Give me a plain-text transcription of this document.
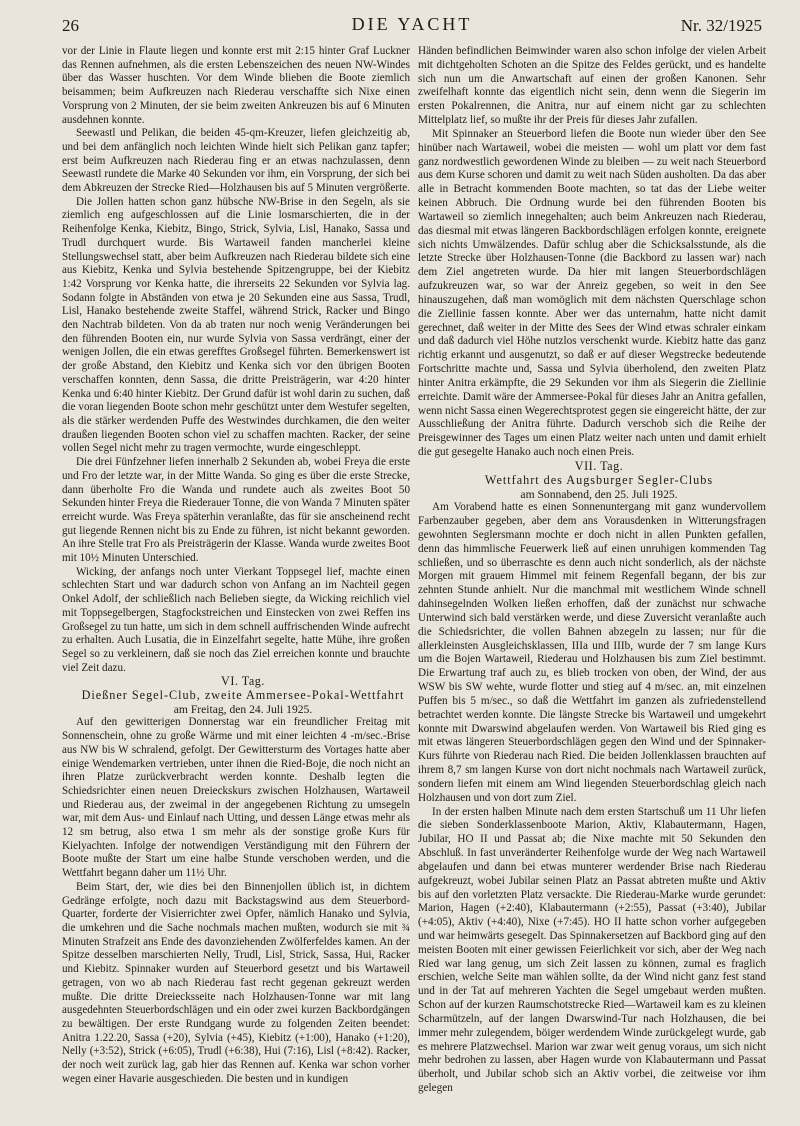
26	DIE YACHT	Nr. 32/1925

vor der Linie in Flaute liegen und konnte erst mit 2:15 hinter Graf Luckner das Rennen aufnehmen, als die ersten Lebenszeichen des neuen NW-Windes über das Wasser huschten. Vor dem Winde blieben die Boote ziemlich beisammen; beim Aufkreuzen nach Riederau verschaffte sich Nixe einen Vorsprung von 2 Minuten, der sie beim zweiten Ankreuzen bis auf 6 Minuten ausdehnen konnte.

Seewastl und Pelikan, die beiden 45-qm-Kreuzer, liefen gleichzeitig ab, und bei dem anfänglich noch leichten Winde hielt sich Pelikan ganz tapfer; erst beim Aufkreuzen nach Riederau fing er an etwas nachzulassen, denn Seewastl rundete die Marke 40 Sekunden vor ihm, ein Vorsprung, der sich bei dem Abkreuzen der Strecke Ried—Holzhausen bis auf 5 Minuten vergrößerte.

Die Jollen hatten schon ganz hübsche NW-Brise in den Segeln, als sie ziemlich eng aufgeschlossen auf die Linie losmarschierten, die in der Reihenfolge Kenka, Kiebitz, Bingo, Strick, Sylvia, Lisl, Hanako, Sassa und Trudl durchquert wurde. Bis Wartaweil fanden mancherlei kleine Stellungswechsel statt, aber beim Aufkreuzen nach Riederau bildete sich eine aus Kiebitz, Kenka und Sylvia bestehende Spitzengruppe, bei der Kiebitz 1:42 Vorsprung vor Kenka hatte, die ihrerseits 22 Sekunden vor Sylvia lag. Sodann folgte in Abständen von etwa je 20 Sekunden eine aus Sassa, Trudl, Lisl, Hanako bestehende zweite Staffel, während Strick, Racker und Bingo den Nachtrab bildeten. Von da ab traten nur noch wenig Veränderungen bei den führenden Booten ein, nur wurde Sylvia von Sassa verdrängt, einer der wenigen Jollen, die ein etwas gerefftes Großsegel führten. Bemerkenswert ist der große Abstand, den Kiebitz und Kenka sich vor den übrigen Booten verschaffen konnten, denn Sassa, die dritte Preisträgerin, war 4:20 hinter Kenka und 6:40 hinter Kiebitz. Der Grund dafür ist wohl darin zu suchen, daß die voran liegenden Boote schon mehr geschützt unter dem Westufer segelten, als die stärker werdenden Puffe des Westwindes durchkamen, die den weiter draußen liegenden Booten schon viel zu schaffen machten. Racker, der seine vollen Segel nicht mehr zu tragen vermochte, wurde eingeschleppt.

Die drei Fünfzehner liefen innerhalb 2 Sekunden ab, wobei Freya die erste und Fro der letzte war, in der Mitte Wanda. So ging es über die erste Strecke, dann überholte Fro die Wanda und rundete auch als zweites Boot 50 Sekunden hinter Freya die Riederauer Tonne, die von Wanda 7 Minuten später erreicht wurde. Was Freya späterhin veranlaßte, das für sie anscheinend recht gut liegende Rennen nicht bis zu Ende zu führen, ist nicht bekannt geworden. An ihre Stelle trat Fro als Preisträgerin der Klasse. Wanda wurde zweites Boot mit 10½ Minuten Unterschied.

Wicking, der anfangs noch unter Vierkant Toppsegel lief, machte einen schlechten Start und war dadurch schon von Anfang an im Nachteil gegen Onkel Adolf, der schließlich nach Belieben siegte, da Wicking reichlich viel mit Toppsegelbergen, Stagfockstreichen und Einstecken von zwei Reffen ins Großsegel zu tun hatte, um sich in dem schnell auffrischenden Winde aufrecht zu erhalten. Auch Lusatia, die in Einzelfahrt segelte, hatte Mühe, ihre großen Segel so zu verkleinern, daß sie noch das Ziel erreichen konnte und brauchte viel Zeit dazu.

VI. Tag.

Dießner Segel-Club, zweite Ammersee-Pokal-Wettfahrt

am Freitag, den 24. Juli 1925.

Auf den gewitterigen Donnerstag war ein freundlicher Freitag mit Sonnenschein, ohne zu große Wärme und mit einer leichten 4 -m/sec.-Brise aus NW bis W schralend, gefolgt. Der Gewittersturm des Vortages hatte aber einige Wendemarken vertrieben, unter ihnen die Ried-Boje, die noch nicht an ihren Platze zurückverbracht werden konnte. Deshalb legten die Schiedsrichter einen neuen Dreieckskurs zwischen Holzhausen, Wartaweil und Riederau aus, der zweimal in der angegebenen Richtung zu umsegeln war, mit dem Aus- und Einlauf nach Utting, und dessen Länge etwas mehr als 12 sm betrug, also etwa 1 sm mehr als der sonstige große Kurs für Kielyachten. Infolge der notwendigen Verständigung mit den Führern der Boote mußte der Start um eine halbe Stunde verschoben werden, und die Wettfahrt begann daher um 11½ Uhr.

Beim Start, der, wie dies bei den Binnenjollen üblich ist, in dichtem Gedränge erfolgte, noch dazu mit Backstagswind aus dem Steuerbord-Quarter, forderte der Visierrichter zwei Opfer, nämlich Hanako und Sylvia, die umkehren und die Sache nochmals machen mußten, wodurch sie mit ¾ Minuten Strafzeit ans Ende des davonziehenden Zwölferfeldes kamen. An der Spitze desselben marschierten Nelly, Trudl, Lisl, Strick, Sassa, Hui, Racker und Kiebitz. Spinnaker wurden auf Steuerbord gesetzt und bis Wartaweil getragen, von wo ab nach Riederau fast recht gegenan gekreuzt werden mußte. Die dritte Dreiecksseite nach Holzhausen-Tonne war mit lang ausgedehnten Steuerbordschlägen und ein oder zwei kurzen Backbordgängen zu bewältigen. Der erste Rundgang wurde zu folgenden Zeiten beendet: Anitra 1.22.20, Sassa (+20), Sylvia (+45), Kiebitz (+1:00), Hanako (+1:20), Nelly (+3:52), Strick (+6:05), Trudl (+6:38), Hui (7:16), Lisl (+8:42). Racker, der noch weit zurück lag, gab hier das Rennen auf. Kenka war schon vorher wegen einer Havarie ausgeschieden. Die besten und in kundigen

Händen befindlichen Beimwinder waren also schon infolge der vielen Arbeit mit dichtgeholten Schoten an die Spitze des Feldes gerückt, und es handelte sich nun um die Anwartschaft auf einen der großen Kanonen. Sehr zweifelhaft konnte das eigentlich nicht sein, denn wenn die Siegerin im ersten Pokalrennen, die Anitra, nur auf einem nicht gar zu schlechten Mittelplatz lief, so mußte ihr der Preis für dieses Jahr zufallen.

Mit Spinnaker an Steuerbord liefen die Boote nun wieder über den See hinüber nach Wartaweil, wobei die meisten — wohl um platt vor dem fast ganz nordwestlich gewordenen Winde zu bleiben — zu weit nach Steuerbord aus dem Kurse schoren und damit zu weit nach Süden ausholten. Da das aber alle in Betracht kommenden Boote machten, so tat das der Liebe weiter keinen Abbruch. Die Ordnung wurde bei den führenden Booten bis Wartaweil so ziemlich innegehalten; auch beim Ankreuzen nach Riederau, das diesmal mit etwas längeren Backbordschlägen erfolgen konnte, ereignete sich nichts Umwälzendes. Dafür schlug aber die Schicksalsstunde, als die letzte Strecke über Holzhausen-Tonne (die Backbord zu lassen war) nach dem Ziel angetreten wurde. Da hier mit langen Steuerbordschlägen aufzukreuzen war, so war der Anreiz gegeben, so weit in den See hinauszugehen, daß man womöglich mit dem nächsten Querschlage schon die Ziellinie fassen konnte. Aber wer das unternahm, hatte nicht damit gerechnet, daß weiter in der Mitte des Sees der Wind etwas schraler einkam und daß dadurch viel Höhe nutzlos verschenkt wurde. Kiebitz hatte das ganz richtig erkannt und ausgenutzt, so daß er auf dieser Wegstrecke bedeutende Fortschritte machte und, Sassa und Sylvia überholend, den zweiten Platz hinter Anitra erkämpfte, die 29 Sekunden vor ihm als Siegerin die Ziellinie erreichte. Damit wäre der Ammersee-Pokal für dieses Jahr an Anitra gefallen, wenn nicht Sassa einen Wegerechtsprotest gegen sie eingereicht hätte, der zur Ausschließung der Anitra führte. Dadurch verschob sich die Reihe der Preisgewinner des Tages um einen Platz weiter nach unten und damit erhielt die gut gesegelte Hanako auch noch einen Preis.

VII. Tag.

Wettfahrt des Augsburger Segler-Clubs

am Sonnabend, den 25. Juli 1925.

Am Vorabend hatte es einen Sonnenuntergang mit ganz wundervollem Farbenzauber gegeben, aber dem ans Vorausdenken in Witterungsfragen gewohnten Seglersmann mochte er doch nicht in allen Punkten gefallen, denn das himmlische Feuerwerk ließ auf einen unruhigen kommenden Tag schließen, und so überraschte es denn auch nicht sonderlich, als der nächste Morgen mit grauem Himmel mit feinem Regenfall begann, der bis zur zehnten Stunde anhielt. Nur die manchmal mit westlichem Winde schnell dahinsegelnden Wolken ließen erhoffen, daß der zunächst nur schwache Unterwind sich bald verstärken werde, und diese Zuversicht veranlaßte auch die Schiedsrichter, die vollen Bahnen abzegeln zu lassen; nur für die allerkleinsten Ausgleichsklassen, IIIa und IIIb, wurde der 7 sm lange Kurs um die Bojen Wartaweil, Riederau und Holzhausen bis zum Ziel bestimmt. Die Erwartung traf auch zu, es blieb trocken von oben, der Wind, der aus WSW bis SW wehte, wurde flotter und stieg auf 4 m/sec. an, mit einzelnen Puffen bis 5 m/sec., so daß die Wettfahrt im ganzen als zufriedenstellend betrachtet werden konnte. Die längste Strecke bis Wartaweil und umgekehrt konnte mit Dwarswind abgelaufen werden. Von Wartaweil bis Ried ging es mit etwas längeren Steuerbordschlägen gegen den Wind und der Spinnaker-Kurs führte von Riederau nach Ried. Die beiden Jollenklassen brauchten auf ihrem 8,7 sm langen Kurse von dort nicht nochmals nach Wartaweil zurück, sondern liefen mit einem am Wind liegenden Steuerbordschlag gleich nach Holzhausen und von dort zum Ziel.

In der ersten halben Minute nach dem ersten Startschuß um 11 Uhr liefen die sieben Sonderklassenboote Marion, Aktiv, Klabautermann, Hagen, Jubilar, HO II und Passat ab; die Nixe machte mit 50 Sekunden den Abschluß. In fast unveränderter Reihenfolge wurde der Weg nach Wartaweil abgelaufen und dann bei etwas munterer werdender Brise nach Riederau aufgekreuzt, wobei Jubilar seinen Platz an Passat abtreten mußte und Aktiv bis auf den vorletzten Platz versackte. Die Riederau-Marke wurde gerundet: Marion, Hagen (+2:40), Klabautermann (+2:55), Passat (+3:40), Jubilar (+4:05), Aktiv (+4:40), Nixe (+7:45). HO II hatte schon vorher aufgegeben und war heimwärts gesegelt. Das Spinnakersetzen auf Backbord ging auf den meisten Booten mit einer gewissen Feierlichkeit vor sich, aber der Weg nach Ried war lang genug, um sich Zeit lassen zu können, zumal es fraglich erschien, welche Seite man wählen sollte, da der Wind nicht ganz fest stand und in der Tat auf mehreren Yachten die Segel umgebaut werden mußten. Schon auf der kurzen Raumschotstrecke Ried—Wartaweil kam es zu kleinen Scharmützeln, auf der langen Dwarswind-Tur nach Holzhausen, die bei immer mehr zulegendem, böiger werdendem Winde zurückgelegt wurde, gab es mehrere Platzwechsel. Marion war zwar weit genug voraus, um sich nicht mehr bedrohen zu lassen, aber Hagen wurde von Klabautermann und Passat überholt, und Jubilar schob sich an Aktiv vorbei, die zeitweise vor ihm gelegen
